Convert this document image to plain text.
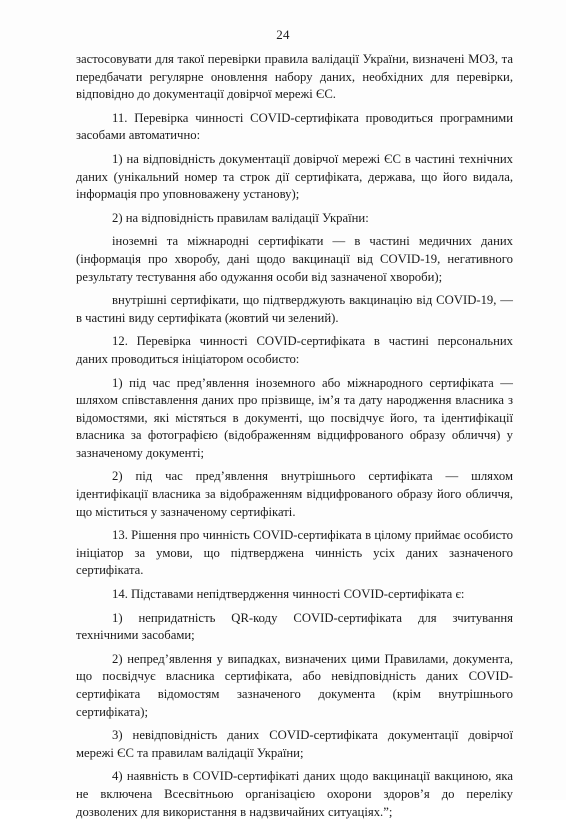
24

застосовувати для такої перевірки правила валідації України, визначені МОЗ, та передбачати регулярне оновлення набору даних, необхідних для перевірки, відповідно до документації довірчої мережі ЄС.

11. Перевірка чинності COVID-сертифіката проводиться програмними засобами автоматично:

1) на відповідність документації довірчої мережі ЄС в частині технічних даних (унікальний номер та строк дії сертифіката, держава, що його видала, інформація про уповноважену установу);

2) на відповідність правилам валідації України:

іноземні та міжнародні сертифікати — в частині медичних даних (інформація про хворобу, дані щодо вакцинації від COVID-19, негативного результату тестування або одужання особи від зазначеної хвороби);

внутрішні сертифікати, що підтверджують вакцинацію від COVID-19, — в частині виду сертифіката (жовтий чи зелений).

12. Перевірка чинності COVID-сертифіката в частині персональних даних проводиться ініціатором особисто:

1) під час пред’явлення іноземного або міжнародного сертифіката — шляхом співставлення даних про прізвище, ім’я та дату народження власника з відомостями, які містяться в документі, що посвідчує його, та ідентифікації власника за фотографією (відображенням відцифрованого образу обличчя) у зазначеному документі;

2) під час пред’явлення внутрішнього сертифіката — шляхом ідентифікації власника за відображенням відцифрованого образу його обличчя, що міститься у зазначеному сертифікаті.

13. Рішення про чинність COVID-сертифіката в цілому приймає особисто ініціатор за умови, що підтверджена чинність усіх даних зазначеного сертифіката.

14. Підставами непідтвердження чинності COVID-сертифіката є:

1) непридатність QR-коду COVID-сертифіката для зчитування технічними засобами;

2) непред’явлення у випадках, визначених цими Правилами, документа, що посвідчує власника сертифіката, або невідповідність даних COVID-сертифіката відомостям зазначеного документа (крім внутрішнього сертифіката);

3) невідповідність даних COVID-сертифіката документації довірчої мережі ЄС та правилам валідації України;

4) наявність в COVID-сертифікаті даних щодо вакцинації вакциною, яка не включена Всесвітньою організацією охорони здоров’я до переліку дозволених для використання в надзвичайних ситуаціях.”;
